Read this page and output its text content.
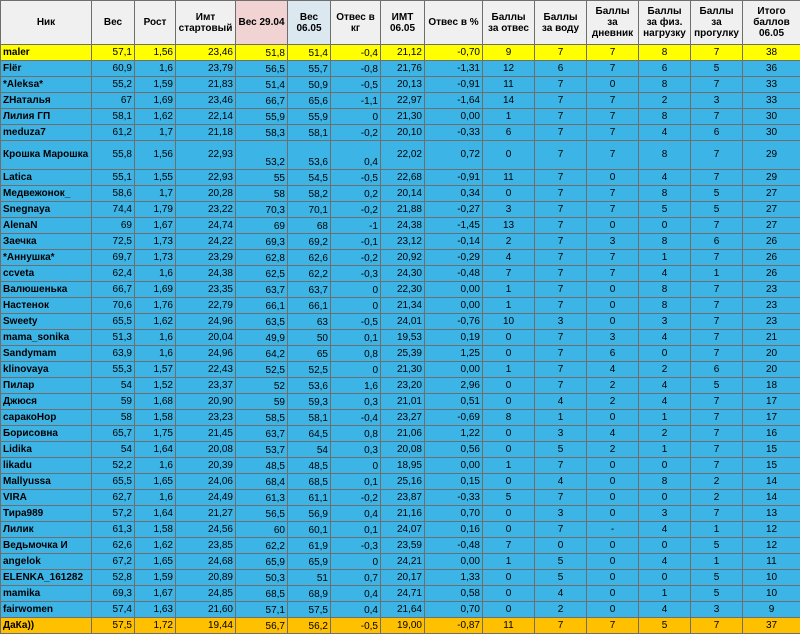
Ник	Вес	Рост	Имт стартовый	Вес 29.04	Вес 06.05	Отвес в кг	ИМТ 06.05	Отвес в %	Баллы за отвес	Баллы за воду	Баллы за дневник	Баллы за физ. нагрузку	Баллы за прогулку	Итого баллов 06.05
maler	57,1	1,56	23,46	51,8	51,4	-0,4	21,12	-0,70	9	7	7	8	7	38
Flёr	60,9	1,6	23,79	56,5	55,7	-0,8	21,76	-1,31	12	6	7	6	5	36
*Aleksa*	55,2	1,59	21,83	51,4	50,9	-0,5	20,13	-0,91	11	7	0	8	7	33
ZНаталья	67	1,69	23,46	66,7	65,6	-1,1	22,97	-1,64	14	7	7	2	3	33
Лилия ГП	58,1	1,62	22,14	55,9	55,9	0	21,30	0,00	1	7	7	8	7	30
meduza7	61,2	1,7	21,18	58,3	58,1	-0,2	20,10	-0,33	6	7	7	4	6	30
Крошка Марошка	55,8	1,56	22,93	53,2	53,6	0,4	22,02	0,72	0	7	7	8	7	29
Latica	55,1	1,55	22,93	55	54,5	-0,5	22,68	-0,91	11	7	0	4	7	29
Медвежонок_	58,6	1,7	20,28	58	58,2	0,2	20,14	0,34	0	7	7	8	5	27
Snegnaya	74,4	1,79	23,22	70,3	70,1	-0,2	21,88	-0,27	3	7	7	5	5	27
AlenaN	69	1,67	24,74	69	68	-1	24,38	-1,45	13	7	0	0	7	27
Заечка	72,5	1,73	24,22	69,3	69,2	-0,1	23,12	-0,14	2	7	3	8	6	26
*Аннушка*	69,7	1,73	23,29	62,8	62,6	-0,2	20,92	-0,29	4	7	7	1	7	26
ccveta	62,4	1,6	24,38	62,5	62,2	-0,3	24,30	-0,48	7	7	7	4	1	26
Валюшенька	66,7	1,69	23,35	63,7	63,7	0	22,30	0,00	1	7	0	8	7	23
Настенок	70,6	1,76	22,79	66,1	66,1	0	21,34	0,00	1	7	0	8	7	23
Sweety	65,5	1,62	24,96	63,5	63	-0,5	24,01	-0,76	10	3	0	3	7	23
mama_sonika	51,3	1,6	20,04	49,9	50	0,1	19,53	0,19	0	7	3	4	7	21
Sandymam	63,9	1,6	24,96	64,2	65	0,8	25,39	1,25	0	7	6	0	7	20
klinovaya	55,3	1,57	22,43	52,5	52,5	0	21,30	0,00	1	7	4	2	6	20
Пилар	54	1,52	23,37	52	53,6	1,6	23,20	2,96	0	7	2	4	5	18
Джюся	59	1,68	20,90	59	59,3	0,3	21,01	0,51	0	4	2	4	7	17
саракоНор	58	1,58	23,23	58,5	58,1	-0,4	23,27	-0,69	8	1	0	1	7	17
Борисовна	65,7	1,75	21,45	63,7	64,5	0,8	21,06	1,22	0	3	4	2	7	16
Lidika	54	1,64	20,08	53,7	54	0,3	20,08	0,56	0	5	2	1	7	15
likadu	52,2	1,6	20,39	48,5	48,5	0	18,95	0,00	1	7	0	0	7	15
Mallyussa	65,5	1,65	24,06	68,4	68,5	0,1	25,16	0,15	0	4	0	8	2	14
VIRA	62,7	1,6	24,49	61,3	61,1	-0,2	23,87	-0,33	5	7	0	0	2	14
Тира989	57,2	1,64	21,27	56,5	56,9	0,4	21,16	0,70	0	3	0	3	7	13
Лилик	61,3	1,58	24,56	60	60,1	0,1	24,07	0,16	0	7	-	4	1	12
Ведьмочка И	62,6	1,62	23,85	62,2	61,9	-0,3	23,59	-0,48	7	0	0	0	5	12
angelok	67,2	1,65	24,68	65,9	65,9	0	24,21	0,00	1	5	0	4	1	11
ELENKA_161282	52,8	1,59	20,89	50,3	51	0,7	20,17	1,33	0	5	0	0	5	10
mamika	69,3	1,67	24,85	68,5	68,9	0,4	24,71	0,58	0	4	0	1	5	10
fairwomen	57,4	1,63	21,60	57,1	57,5	0,4	21,64	0,70	0	2	0	4	3	9
ДаКа))	57,5	1,72	19,44	56,7	56,2	-0,5	19,00	-0,87	11	7	7	5	7	37
